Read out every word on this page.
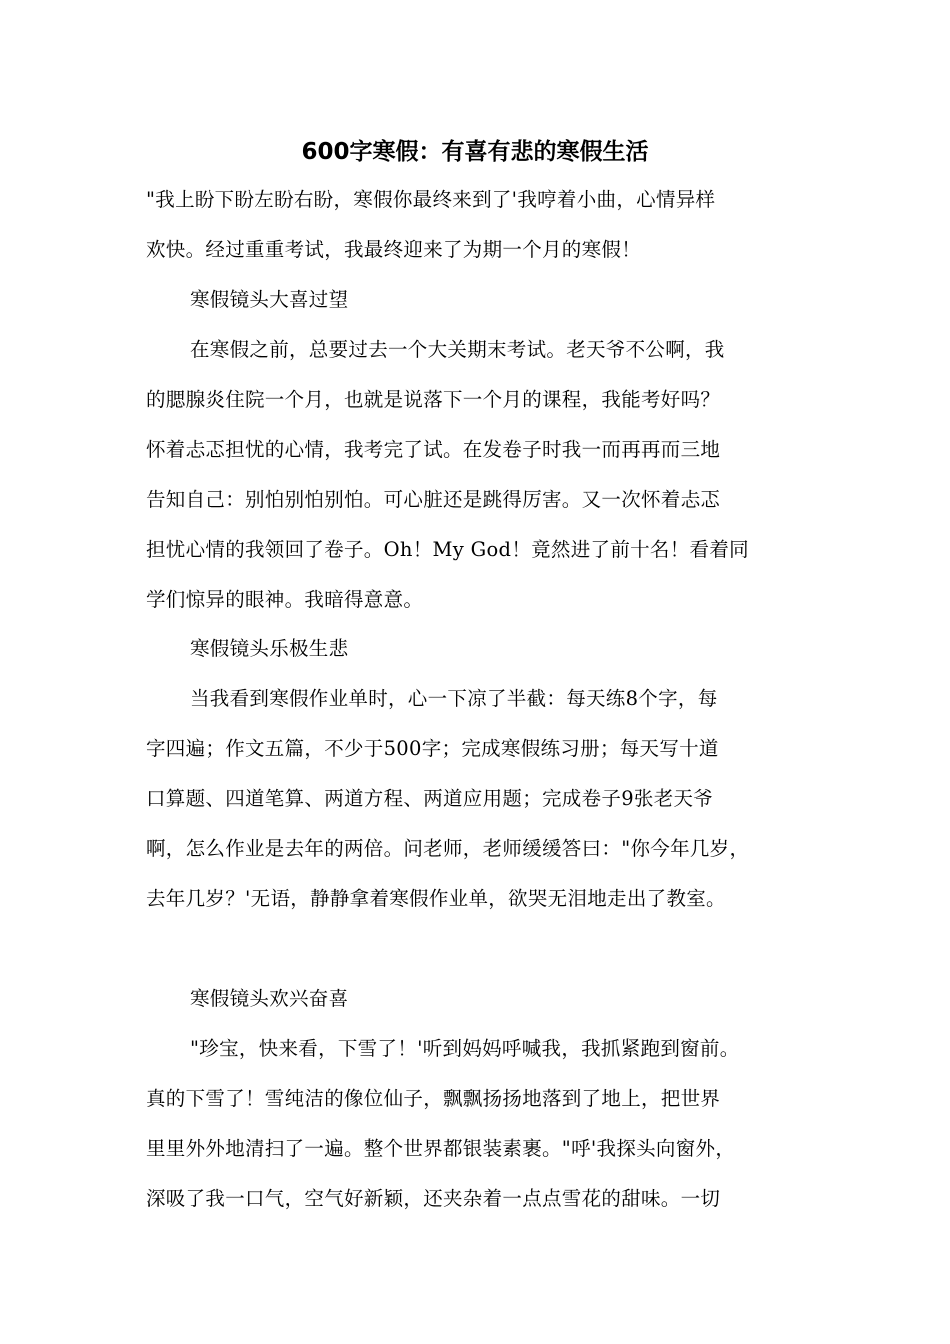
600字寒假：有喜有悲的寒假生活
"我上盼下盼左盼右盼，寒假你最终来到了'我哼着小曲，心情异样
欢快。经过重重考试，我最终迎来了为期一个月的寒假！
寒假镜头大喜过望
在寒假之前，总要过去一个大关期末考试。老天爷不公啊，我
的腮腺炎住院一个月，也就是说落下一个月的课程，我能考好吗？
怀着忐忑担忧的心情，我考完了试。在发卷子时我一而再再而三地
告知自己：别怕别怕别怕。可心脏还是跳得厉害。又一次怀着忐忑
担忧心情的我领回了卷子。Oh！My God！竟然进了前十名！看着同
学们惊异的眼神。我暗得意意。
寒假镜头乐极生悲
当我看到寒假作业单时，心一下凉了半截：每天练8个字，每
字四遍；作文五篇，不少于500字；完成寒假练习册；每天写十道
口算题、四道笔算、两道方程、两道应用题；完成卷子9张老天爷
啊，怎么作业是去年的两倍。问老师，老师缓缓答曰："你今年几岁，
去年几岁？'无语，静静拿着寒假作业单，欲哭无泪地走出了教室。
寒假镜头欢兴奋喜
"珍宝，快来看，下雪了！'听到妈妈呼喊我，我抓紧跑到窗前。
真的下雪了！雪纯洁的像位仙子，飘飘扬扬地落到了地上，把世界
里里外外地清扫了一遍。整个世界都银装素裹。"呼'我探头向窗外，
深吸了我一口气，空气好新颖，还夹杂着一点点雪花的甜味。一切
